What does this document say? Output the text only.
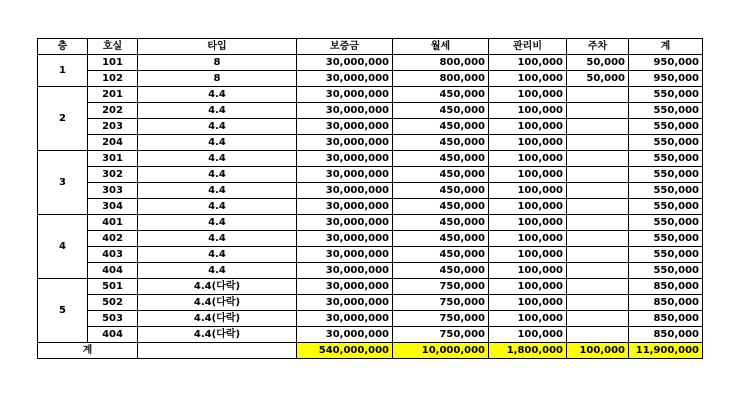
층	호실	타입	보증금	월세	관리비	주차	계
1	101	8	30,000,000	800,000	100,000	50,000	950,000
	102	8	30,000,000	800,000	100,000	50,000	950,000
2	201	4.4	30,000,000	450,000	100,000		550,000
	202	4.4	30,000,000	450,000	100,000		550,000
	203	4.4	30,000,000	450,000	100,000		550,000
	204	4.4	30,000,000	450,000	100,000		550,000
3	301	4.4	30,000,000	450,000	100,000		550,000
	302	4.4	30,000,000	450,000	100,000		550,000
	303	4.4	30,000,000	450,000	100,000		550,000
	304	4.4	30,000,000	450,000	100,000		550,000
4	401	4.4	30,000,000	450,000	100,000		550,000
	402	4.4	30,000,000	450,000	100,000		550,000
	403	4.4	30,000,000	450,000	100,000		550,000
	404	4.4	30,000,000	450,000	100,000		550,000
5	501	4.4(다락)	30,000,000	750,000	100,000		850,000
	502	4.4(다락)	30,000,000	750,000	100,000		850,000
	503	4.4(다락)	30,000,000	750,000	100,000		850,000
	404	4.4(다락)	30,000,000	750,000	100,000		850,000
계			540,000,000	10,000,000	1,800,000	100,000	11,900,000
